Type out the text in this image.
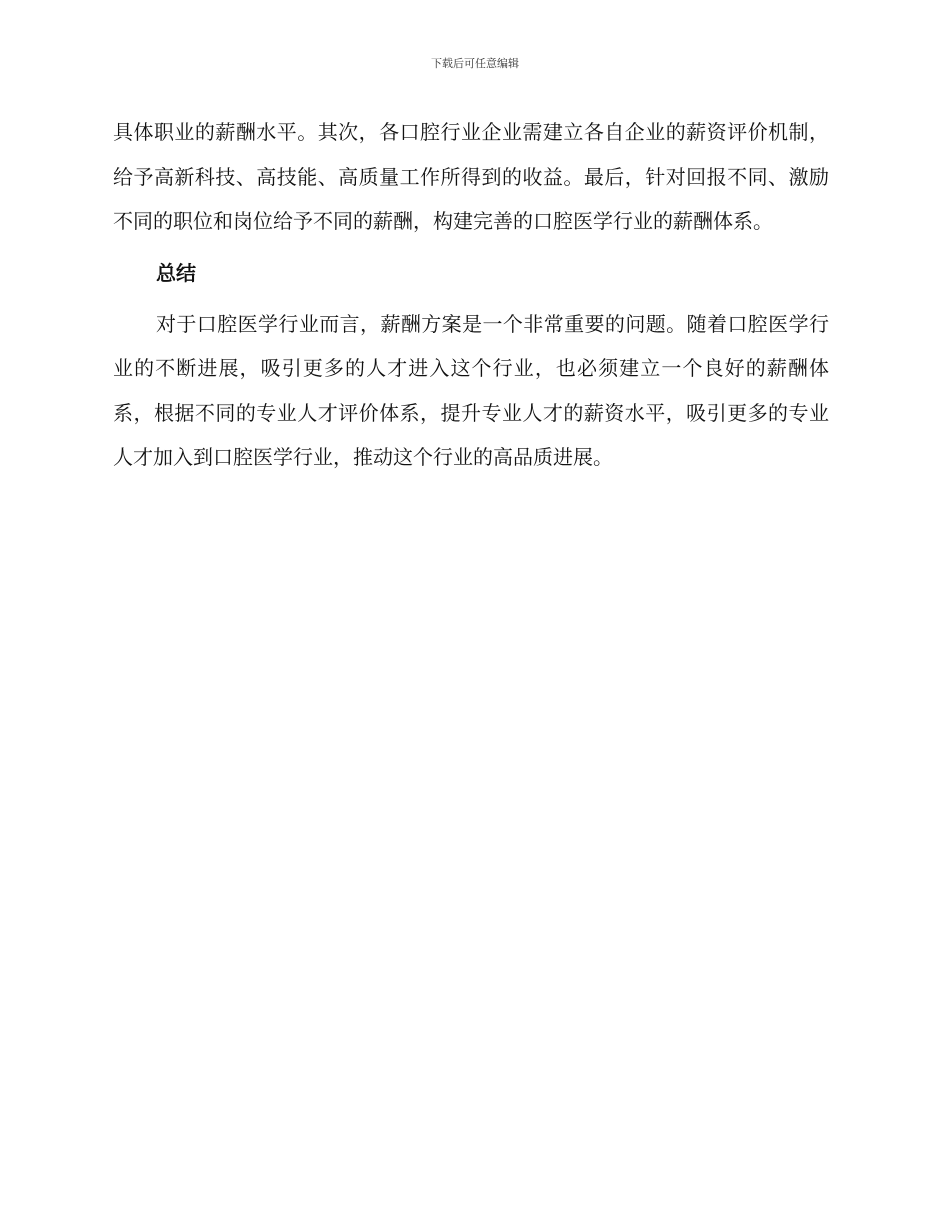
下载后可任意编辑

具体职业的薪酬水平。其次，各口腔行业企业需建立各自企业的薪资评价机制，给予高新科技、高技能、高质量工作所得到的收益。最后，针对回报不同、激励不同的职位和岗位给予不同的薪酬，构建完善的口腔医学行业的薪酬体系。

总结

对于口腔医学行业而言，薪酬方案是一个非常重要的问题。随着口腔医学行业的不断进展，吸引更多的人才进入这个行业，也必须建立一个良好的薪酬体系，根据不同的专业人才评价体系，提升专业人才的薪资水平，吸引更多的专业人才加入到口腔医学行业，推动这个行业的高品质进展。
